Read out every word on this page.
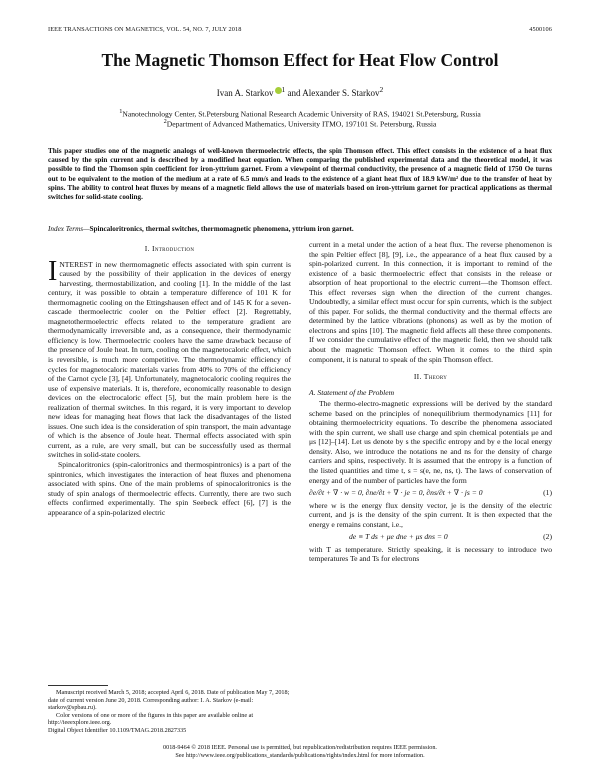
IEEE TRANSACTIONS ON MAGNETICS, VOL. 54, NO. 7, JULY 2018	4500106
The Magnetic Thomson Effect for Heat Flow Control
Ivan A. Starkov $^1$ and Alexander S. Starkov$^2$
$^1$Nanotechnology Center, St.Petersburg National Research Academic University of RAS, 194021 St.Petersburg, Russia
$^2$Department of Advanced Mathematics, University ITMO, 197101 St. Petersburg, Russia
This paper studies one of the magnetic analogs of well-known thermoelectric effects, the spin Thomson effect. This effect consists in the existence of a heat flux caused by the spin current and is described by a modified heat equation. When comparing the published experimental data and the theoretical model, it was possible to find the Thomson spin coefficient for iron-yttrium garnet. From a viewpoint of thermal conductivity, the presence of a magnetic field of 1750 Oe turns out to be equivalent to the motion of the medium at a rate of 6.5 mm/s and leads to the existence of a giant heat flux of 18.9 kW/m² due to the transfer of heat by spins. The ability to control heat fluxes by means of a magnetic field allows the use of materials based on iron-yttrium garnet for practical applications as thermal switches for solid-state cooling.
Index Terms—Spincaloritronics, thermal switches, thermomagnetic phenomena, yttrium iron garnet.
I. Introduction

INTEREST in new thermomagnetic effects associated with spin current is caused by the possibility of their application in the devices of energy harvesting, thermostabilization, and cooling [1]. In the middle of the last century, it was possible to obtain a temperature difference of 101 K for thermomagnetic cooling on the Ettingshausen effect and of 145 K for a seven-cascade thermoelectric cooler on the Peltier effect [2]. Regrettably, magnetothermoelectric effects related to the temperature gradient are thermodynamically irreversible and, as a consequence, their thermodynamic efficiency is low. Thermoelectric coolers have the same drawback because of the presence of Joule heat. In turn, cooling on the magnetocaloric effect, which is reversible, is much more competitive. The thermodynamic efficiency of cycles for magnetocaloric materials varies from 40% to 70% of the efficiency of the Carnot cycle [3], [4]. Unfortunately, magnetocaloric cooling requires the use of expensive materials. It is, therefore, economically reasonable to design devices on the electrocaloric effect [5], but the main problem here is the realization of thermal switches. In this regard, it is very important to develop new ideas for managing heat flows that lack the disadvantages of the listed issues. One such idea is the consideration of spin transport, the main advantage of which is the absence of Joule heat. Thermal effects associated with spin current, as a rule, are very small, but can be successfully used as thermal switches in solid-state coolers.

Spincaloritronics (spin-caloritronics and thermospintronics) is a part of the spintronics, which investigates the interaction of heat fluxes and phenomena associated with spins. One of the main problems of spinocaloritronics is the study of spin analogs of thermoelectric effects. Currently, there are two such effects confirmed experimentally. The spin Seebeck effect [6], [7] is the appearance of a spin-polarized electric

Manuscript received March 5, 2018; accepted April 6, 2018. Date of publication May 7, 2018; date of current version June 20, 2018. Corresponding author: I. A. Starkov (e-mail: starkov@spbau.ru).

Color versions of one or more of the figures in this paper are available online at http://ieeexplore.ieee.org.

Digital Object Identifier 10.1109/TMAG.2018.2827335

current in a metal under the action of a heat flux. The reverse phenomenon is the spin Peltier effect [8], [9], i.e., the appearance of a heat flux caused by a spin-polarized current. In this connection, it is important to remind of the existence of a basic thermoelectric effect that consists in the release or absorption of heat proportional to the electric current—the Thomson effect. This effect reverses sign when the direction of the current changes. Undoubtedly, a similar effect must occur for spin currents, which is the subject of this paper. For solids, the thermal conductivity and the thermal effects are determined by the lattice vibrations (phonons) as well as by the motion of electrons and spins [10]. The magnetic field affects all these three components. If we consider the cumulative effect of the magnetic field, then we should talk about the magnetic Thomson effect. When it comes to the third spin component, it is natural to speak of the spin Thomson effect.

II. Theory
A. Statement of the Problem

The thermo-electro-magnetic expressions will be derived by the standard scheme based on the principles of nonequilibrium thermodynamics [11] for obtaining thermoelectricity equations. To describe the phenomena associated with the spin current, we shall use charge and spin chemical potentials μe and μs [12]–[14]. Let us denote by s the specific entropy and by e the local energy density. Also, we introduce the notations ne and ns for the density of charge carriers and spins, respectively. It is assumed that the entropy is a function of the listed quantities and time t, s = s(e, ne, ns, t). The laws of conservation of energy and of the number of particles have the form

∂e/∂t + ∇ · w = 0, ∂ne/∂t + ∇ · je = 0, ∂ns/∂t + ∇ · js = 0	(1)

where w is the energy flux density vector, je is the density of the electric current, and js is the density of the spin current. It is then expected that the energy e remains constant, i.e.,

de ≡ T ds + μe dne + μs dns = 0	(2)

with T as temperature. Strictly speaking, it is necessary to introduce two temperatures Te and Ts for electrons

0018-9464 © 2018 IEEE. Personal use is permitted, but republication/redistribution requires IEEE permission.
See http://www.ieee.org/publications_standards/publications/rights/index.html for more information.
